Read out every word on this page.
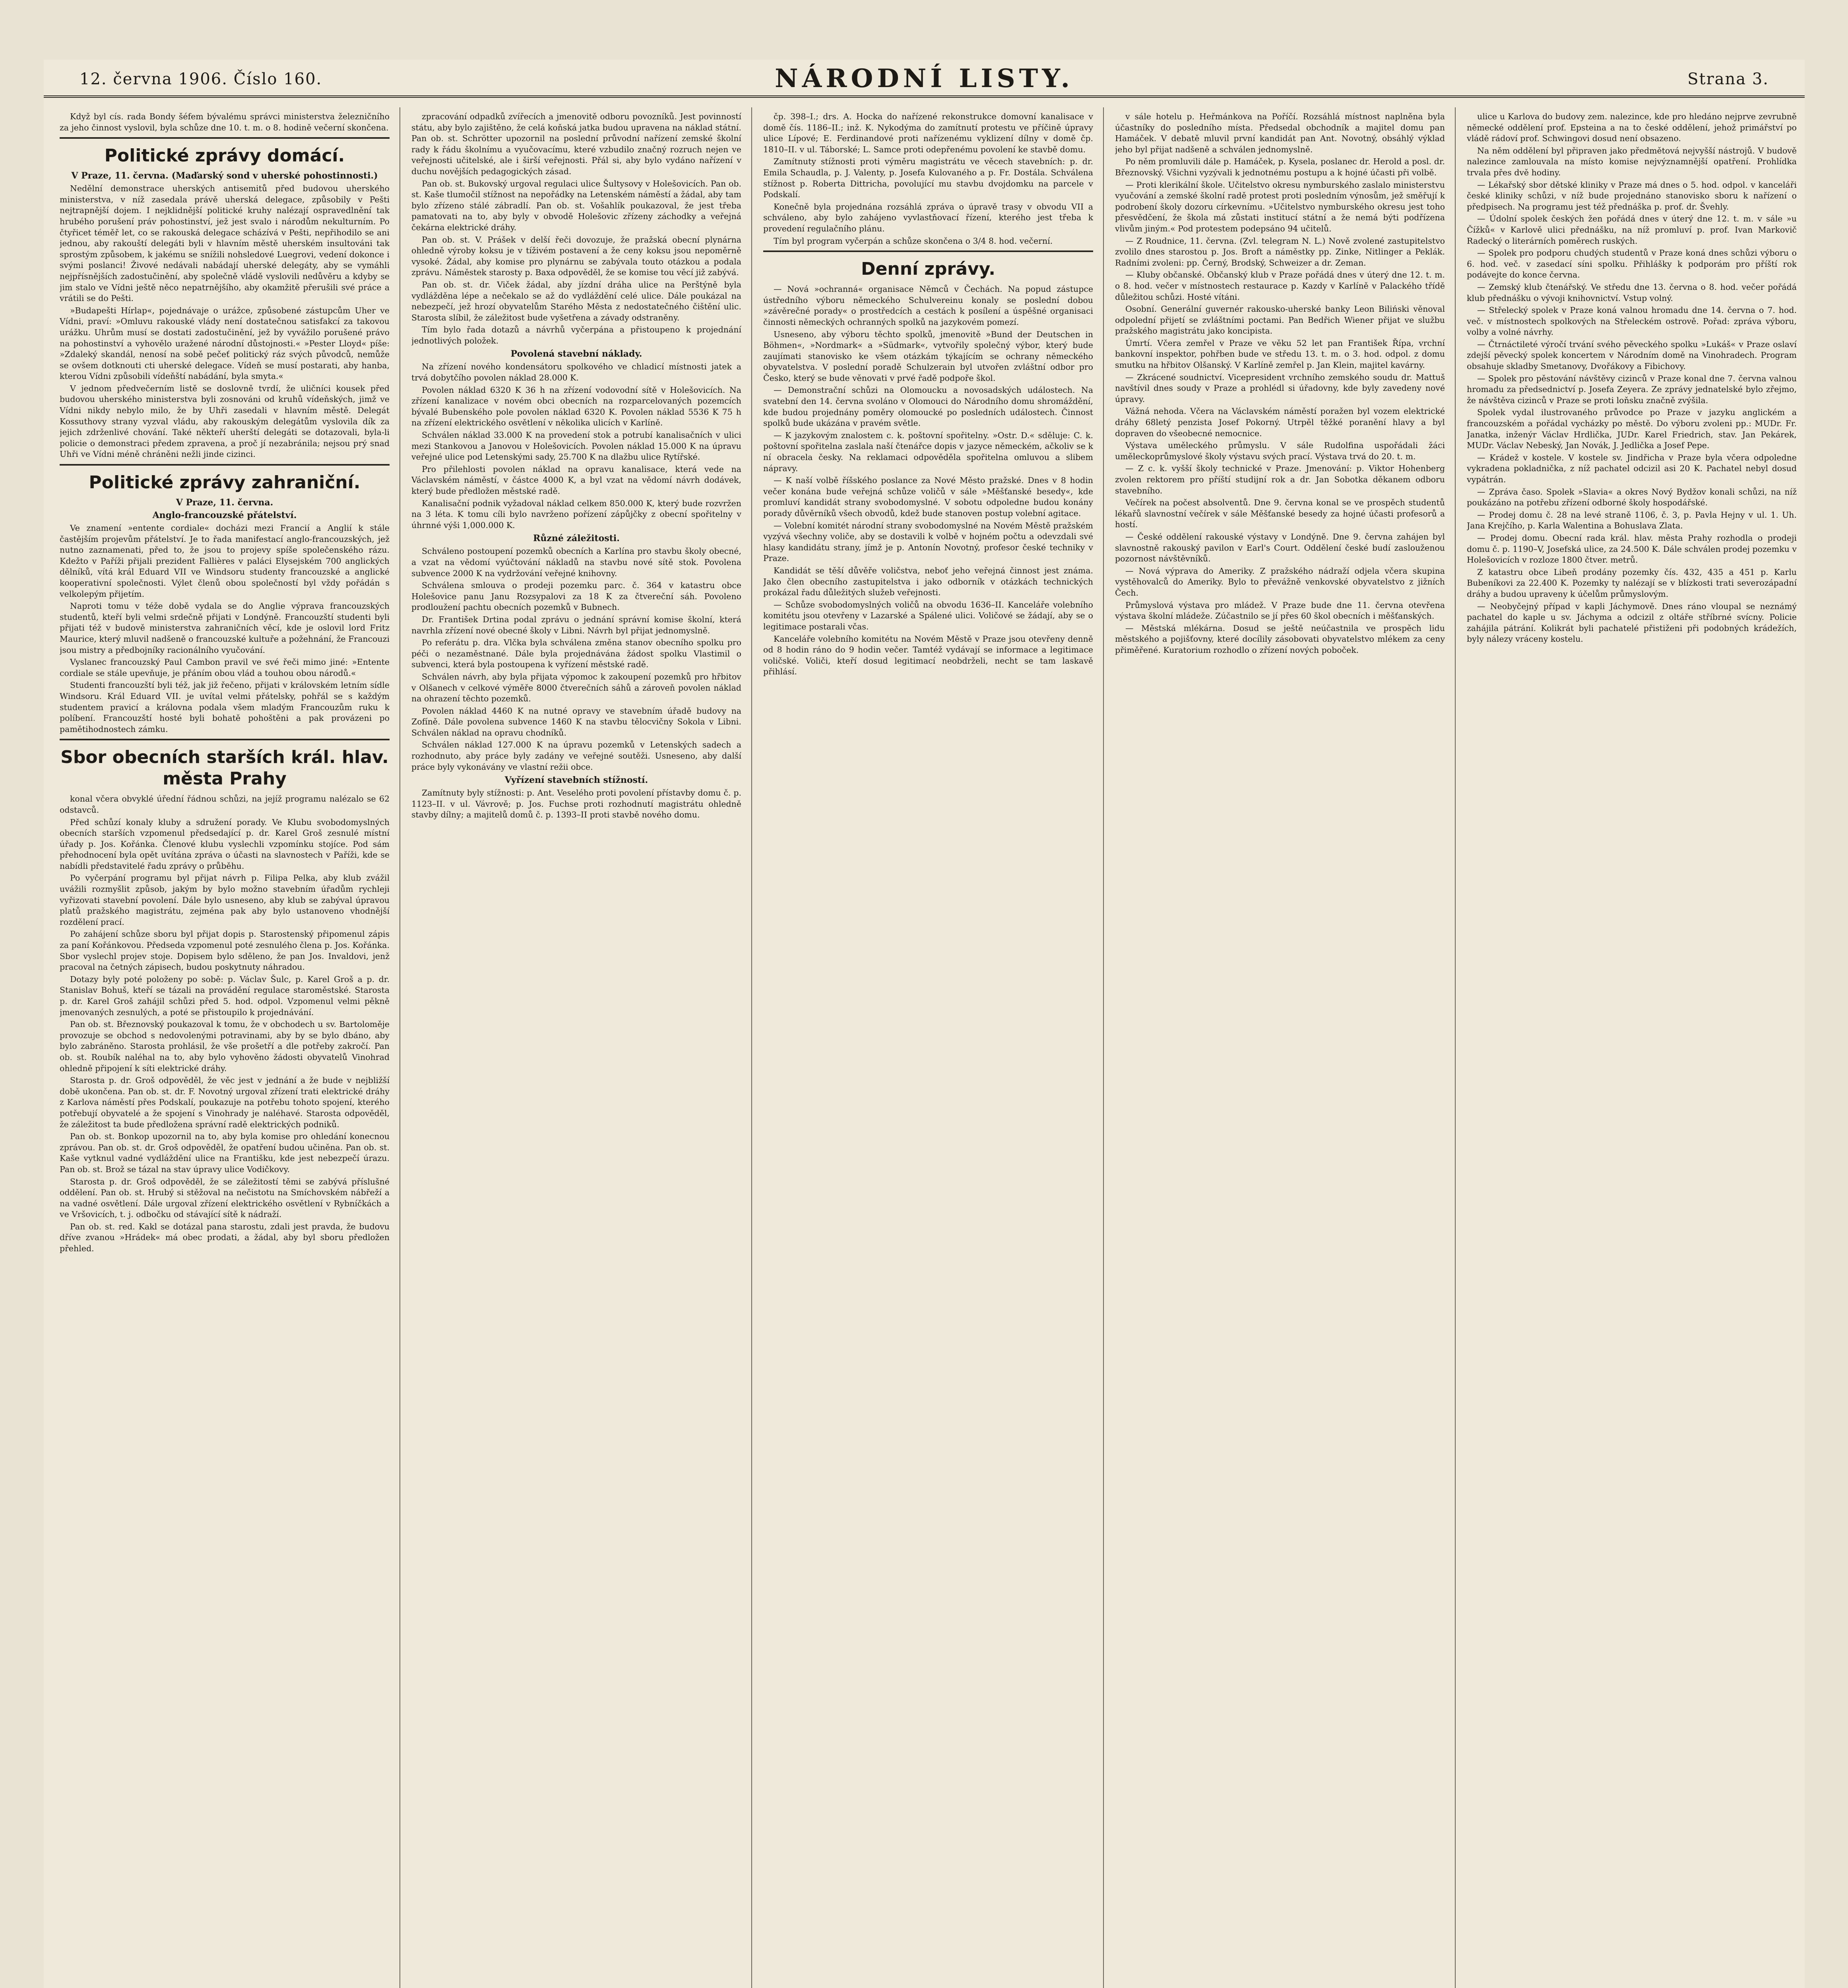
12. června 1906. Číslo 160.	NÁRODNÍ LISTY.	Strana 3.

Když byl cís. rada Bondy šéfem bývalému správci ministerstva železničního za jeho činnost vyslovil, byla schůze dne 10. t. m. o 8. hodině večerní skončena.

Politické zprávy domácí.
V Praze, 11. června. (Maďarský sond v uherské pohostinnosti.)

Nedělní demonstrace uherských antisemitů před budovou uherského ministerstva, v níž zasedala právě uherská delegace, způsobily v Pešti nejtrapnější dojem. I nejklidnější politické kruhy nalézají ospravedlnění tak hrubého porušení práv pohostinství, jež jest svalo i národům nekulturním. Po čtyřicet téměř let, co se rakouská delegace scházívá v Pešti, nepřihodilo se ani jednou, aby rakouští delegáti byli v hlavním městě uherském insultováni tak sprostým způsobem, k jakému se snížili nohsledové Luegrovi, vedení dokonce i svými poslanci! Živové nedávali nabádají uherské delegáty, aby se vymáhli nejpřísnějších zadostučinění, aby společně vládě vyslovili nedůvěru a kdyby se jim stalo ve Vídni ještě něco nepatrnějšího, aby okamžitě přerušili své práce a vrátili se do Pešti.

»Budapešti Hírlap«, pojednávaje o urážce, způsobené zástupcům Uher ve Vídni, praví: »Omluvu rakouské vlády není dostatečnou satisfakcí za takovou urážku. Uhrům musí se dostati zadostučinění, jež by vyvážilo porušené právo na pohostinství a vyhovělo uražené národní důstojnosti.« »Pester Lloyd« píše: »Zdaleký skandál, nenosí na sobě pečeť politický ráz svých původců, nemůže se ovšem dotknouti cti uherské delegace. Vídeň se musí postarati, aby hanba, kterou Vídni způsobili vídeňští nabádání, byla smyta.«

V jednom předvečerním listě se doslovně tvrdí, že uličníci kousek před budovou uherského ministerstva byli zosnováni od kruhů vídeňských, jimž ve Vídni nikdy nebylo milo, že by Uhři zasedali v hlavním městě. Delegát Kossuthovy strany vyzval vládu, aby rakouským delegátům vyslovila dík za jejich zdrženlivé chování. Také někteří uherští delegáti se dotazovali, byla-li policie o demonstraci předem zpravena, a proč jí nezabránila; nejsou prý snad Uhři ve Vídni méně chráněni nežli jinde cizinci.

Politické zprávy zahraniční.
V Praze, 11. června.
Anglo-francouzské přátelství.

Ve znamení »entente cordiale« docházi mezi Francií a Anglií k stále častějším projevům přátelství. Je to řada manifestací anglo-francouzských, jež nutno zaznamenati, před to, že jsou to projevy spíše společenského rázu. Kdežto v Paříži přijali prezident Fallières v paláci Elysejském 700 anglických dělníků, vítá král Eduard VII ve Windsoru studenty francouzské a anglické kooperativní společnosti. Výlet členů obou společností byl vždy pořádán s velkolepým přijetím.

Naproti tomu v téže době vydala se do Anglie výprava francouzských studentů, kteří byli velmi srdečně přijati v Londýně. Francouzští studenti byli přijati též v budově ministerstva zahraničních věcí, kde je oslovil lord Fritz Maurice, který mluvil nadšeně o francouzské kultuře a požehnání, že Francouzi jsou mistry a předbojníky racionálního vyučování.

Vyslanec francouzský Paul Cambon pravil ve své řeči mimo jiné: »Entente cordiale se stále upevňuje, je přáním obou vlád a touhou obou národů.«

Studenti francouzští byli též, jak již řečeno, přijati v královském letním sídle Windsoru. Král Eduard VII. je uvítal velmi přátelsky, pohřál se s každým studentem pravicí a královna podala všem mladým Francouzům ruku k políbení. Francouzští hosté byli bohatě pohoštěni a pak provázeni po pamětihodnostech zámku.

Sbor obecních starších král. hlav. města Prahy

konal včera obvyklé úřední řádnou schůzi, na jejíž programu nalézalo se 62 odstavců.

Před schůzí konaly kluby a sdružení porady. Ve Klubu svobodomyslných obecních starších vzpomenul předsedající p. dr. Karel Groš zesnulé místní úřady p. Jos. Kořánka. Členové klubu vyslechli vzpomínku stojíce. Pod sám přehodnocení byla opět uvítána zpráva o účasti na slavnostech v Paříži, kde se nabídli představitelé řadu zprávy o průběhu.

Po vyčerpání programu byl přijat návrh p. Filipa Pelka, aby klub zvážil uvážili rozmyšlit způsob, jakým by bylo možno stavebním úřadům rychleji vyřizovati stavební povolení. Dále bylo usneseno, aby klub se zabýval úpravou platů pražského magistrátu, zejména pak aby bylo ustanoveno vhodnější rozdělení prací.

Po zahájení schůze sboru byl přijat dopis p. Starostenský připomenul zápis za paní Kořánkovou. Předseda vzpomenul poté zesnulého člena p. Jos. Kořánka. Sbor vyslechl projev stoje. Dopisem bylo sděleno, že pan Jos. Invaldovi, jenž pracoval na četných zápisech, budou poskytnuty náhradou.

Dotazy byly poté položeny po sobě: p. Václav Šulc, p. Karel Groš a p. dr. Stanislav Bohuš, kteří se tázali na provádění regulace staroměstské. Starosta p. dr. Karel Groš zahájil schůzi před 5. hod. odpol. Vzpomenul velmi pěkně jmenovaných zesnulých, a poté se přistoupilo k projednávání.

Pan ob. st. Březnovský poukazoval k tomu, že v obchodech u sv. Bartoloměje provozuje se obchod s nedovolenými potravinami, aby by se bylo dbáno, aby bylo zabráněno. Starosta prohlásil, že vše prošetří a dle potřeby zakročí. Pan ob. st. Roubík naléhal na to, aby bylo vyhověno žádosti obyvatelů Vinohrad ohledně připojení k síti elektrické dráhy.

Starosta p. dr. Groš odpověděl, že věc jest v jednání a že bude v nejbližší době ukončena. Pan ob. st. dr. F. Novotný urgoval zřízení trati elektrické dráhy z Karlova náměstí přes Podskalí, poukazuje na potřebu tohoto spojení, kterého potřebují obyvatelé a že spojení s Vinohrady je naléhavé. Starosta odpověděl, že záležitost ta bude předložena správní radě elektrických podniků.

Pan ob. st. Bonkop upozornil na to, aby byla komise pro ohledání konecnou zprávou. Pan ob. st. dr. Groš odpověděl, že opatření budou učiněna. Pan ob. st. Kaše vytknul vadné vydláždění ulice na Františku, kde jest nebezpečí úrazu. Pan ob. st. Brož se tázal na stav úpravy ulice Vodičkovy.

Starosta p. dr. Groš odpověděl, že se záležitostí těmi se zabývá příslušné oddělení. Pan ob. st. Hrubý si stěžoval na nečistotu na Smíchovském nábřeží a na vadné osvětlení. Dále urgoval zřízení elektrického osvětlení v Rybníčkách a ve Vršovicích, t. j. odbočku od stávající sítě k nádraží.

Pan ob. st. red. Kakl se dotázal pana starostu, zdali jest pravda, že budovu dříve zvanou »Hrádek« má obec prodati, a žádal, aby byl sboru předložen přehled.

zpracování odpadků zvířecích a jmenovitě odboru povozníků. Jest povinností státu, aby bylo zajištěno, že celá koňská jatka budou upravena na náklad státní. Pan ob. st. Schrötter upozornil na poslední průvodní nařízení zemské školní rady k řádu školnímu a vyučovacímu, které vzbudilo značný rozruch nejen ve veřejnosti učitelské, ale i širší veřejnosti. Přál si, aby bylo vydáno nařízení v duchu novějších pedagogických zásad.

Pan ob. st. Bukovský urgoval regulaci ulice Šultysovy v Holešovicích. Pan ob. st. Kaše tlumočil stížnost na nepořádky na Letenském náměstí a žádal, aby tam bylo zřízeno stálé zábradlí. Pan ob. st. Vošahlík poukazoval, že jest třeba pamatovati na to, aby byly v obvodě Holešovic zřízeny záchodky a veřejná čekárna elektrické dráhy.

Pan ob. st. V. Prášek v delší řeči dovozuje, že pražská obecní plynárna ohledně výroby koksu je v tíživém postavení a že ceny koksu jsou nepoměrně vysoké. Žádal, aby komise pro plynárnu se zabývala touto otázkou a podala zprávu. Náměstek starosty p. Baxa odpověděl, že se komise tou věcí již zabývá.

Pan ob. st. dr. Viček žádal, aby jízdní dráha ulice na Perštýně byla vydlážděna lépe a nečekalo se až do vydláždění celé ulice. Dále poukázal na nebezpečí, jež hrozí obyvatelům Starého Města z nedostatečného čištění ulic. Starosta slíbil, že záležitost bude vyšetřena a závady odstraněny.

Tím bylo řada dotazů a návrhů vyčerpána a přistoupeno k projednání jednotlivých položek.

Povolená stavební náklady.

Na zřízení nového kondensátoru spolkového ve chladicí místnosti jatek a trvá dobytčího povolen náklad 28.000 K.

Povolen náklad 6320 K 36 h na zřízení vodovodní sítě v Holešovicích. Na zřízení kanalizace v novém obci obecních na rozparcelovaných pozemcích bývalé Bubenského pole povolen náklad 6320 K. Povolen náklad 5536 K 75 h na zřízení elektrického osvětlení v několika ulicích v Karlíně.

Schválen náklad 33.000 K na provedení stok a potrubí kanalisačních v ulici mezi Stankovou a Janovou v Holešovicích. Povolen náklad 15.000 K na úpravu veřejné ulice pod Letenskými sady, 25.700 K na dlažbu ulice Rytířské.

Pro přilehlosti povolen náklad na opravu kanalisace, která vede na Václavském náměstí, v částce 4000 K, a byl vzat na vědomí návrh dodávek, který bude předložen městské radě.

Kanalisační podnik vyžadoval náklad celkem 850.000 K, který bude rozvržen na 3 léta. K tomu cíli bylo navrženo pořízení zápůjčky z obecní spořitelny v úhrnné výši 1,000.000 K.

Různé záležitosti.

Schváleno postoupení pozemků obecních a Karlína pro stavbu školy obecné, a vzat na vědomí vyúčtování nákladů na stavbu nové sítě stok. Povolena subvence 2000 K na vydržování veřejné knihovny.

Schválena smlouva o prodeji pozemku parc. č. 364 v katastru obce Holešovice panu Janu Rozsypalovi za 18 K za čtvereční sáh. Povoleno prodloužení pachtu obecních pozemků v Bubnech.

Dr. František Drtina podal zprávu o jednání správní komise školní, která navrhla zřízení nové obecné školy v Libni. Návrh byl přijat jednomyslně.

Po referátu p. dra. Vlčka byla schválena změna stanov obecního spolku pro péči o nezaměstnané. Dále byla projednávána žádost spolku Vlastimil o subvenci, která byla postoupena k vyřízení městské radě.

Schválen návrh, aby byla přijata výpomoc k zakoupení pozemků pro hřbitov v Olšanech v celkové výměře 8000 čtverečních sáhů a zároveň povolen náklad na ohrazení těchto pozemků.

Povolen náklad 4460 K na nutné opravy ve stavebním úřadě budovy na Zofíně. Dále povolena subvence 1460 K na stavbu tělocvičny Sokola v Libni. Schválen náklad na opravu chodníků.

Schválen náklad 127.000 K na úpravu pozemků v Letenských sadech a rozhodnuto, aby práce byly zadány ve veřejné soutěži. Usneseno, aby další práce byly vykonávány ve vlastní režii obce.

Vyřízení stavebních stížností.

Zamítnuty byly stížnosti: p. Ant. Veselého proti povolení přístavby domu č. p. 1123–II. v ul. Vávrově; p. Jos. Fuchse proti rozhodnutí magistrátu ohledně stavby dílny; a majitelů domů č. p. 1393–II proti stavbě nového domu.

čp. 398–I.; drs. A. Hocka do nařízené rekonstrukce domovní kanalisace v domě čís. 1186–II.; inž. K. Nykodýma do zamítnutí protestu ve příčině úpravy ulice Lípové; E. Ferdinandové proti nařízenému vyklizení dílny v domě čp. 1810–II. v ul. Táborské; L. Samce proti odepřenému povolení ke stavbě domu.

Zamítnuty stížnosti proti výměru magistrátu ve věcech stavebních: p. dr. Emila Schaudla, p. J. Valenty, p. Josefa Kulovaného a p. Fr. Dostála. Schválena stížnost p. Roberta Dittricha, povolující mu stavbu dvojdomku na parcele v Podskalí.

Konečně byla projednána rozsáhlá zpráva o úpravě trasy v obvodu VII a schváleno, aby bylo zahájeno vyvlastňovací řízení, kterého jest třeba k provedení regulačního plánu.

Tím byl program vyčerpán a schůze skončena o 3/4 8. hod. večerní.

Denní zprávy.

— Nová »ochranná« organisace Němců v Čechách. Na popud zástupce ústředního výboru německého Schulvereinu konaly se poslední dobou »závěrečné porady« o prostředcích a cestách k posílení a úspěšné organisaci činnosti německých ochranných spolků na jazykovém pomezí.

Usneseno, aby výboru těchto spolků, jmenovitě »Bund der Deutschen in Böhmen«, »Nordmark« a »Südmark«, vytvořily společný výbor, který bude zaujímati stanovisko ke všem otázkám týkajícím se ochrany německého obyvatelstva. V poslední poradě Schulzerain byl utvořen zvláštní odbor pro Česko, který se bude věnovati v prvé řadě podpoře škol.

— Demonstrační schůzi na Olomoucku a novosadských událostech. Na svatební den 14. června svoláno v Olomouci do Národního domu shromáždění, kde budou projednány poměry olomoucké po posledních událostech. Činnost spolků bude ukázána v pravém světle.

— K jazykovým znalostem c. k. poštovní spořitelny. »Ostr. D.« sděluje: C. k. poštovní spořitelna zaslala naší čtenářce dopis v jazyce německém, ačkoliv se k ní obracela česky. Na reklamaci odpověděla spořitelna omluvou a slibem nápravy.

— K naší volbě říšského poslance za Nové Město pražské. Dnes v 8 hodin večer konána bude veřejná schůze voličů v sále »Měšťanské besedy«, kde promluví kandidát strany svobodomyslné. V sobotu odpoledne budou konány porady důvěrníků všech obvodů, kdež bude stanoven postup volební agitace.

— Volební komitét národní strany svobodomyslné na Novém Městě pražském vyzývá všechny voliče, aby se dostavili k volbě v hojném počtu a odevzdali své hlasy kandidátu strany, jímž je p. Antonín Novotný, profesor české techniky v Praze.

Kandidát se těší důvěře voličstva, neboť jeho veřejná činnost jest známa. Jako člen obecního zastupitelstva i jako odborník v otázkách technických prokázal řadu důležitých služeb veřejnosti.

— Schůze svobodomyslných voličů na obvodu 1636–II. Kanceláře volebního komitétu jsou otevřeny v Lazarské a Spálené ulici. Voličové se žádají, aby se o legitimace postarali včas.

Kanceláře volebního komitétu na Novém Městě v Praze jsou otevřeny denně od 8 hodin ráno do 9 hodin večer. Tamtéž vydávají se informace a legitimace voličské. Voliči, kteří dosud legitimací neobdrželi, necht se tam laskavě přihlásí.

v sále hotelu p. Heřmánkova na Poříčí. Rozsáhlá místnost naplněna byla účastníky do posledního místa. Předsedal obchodník a majitel domu pan Hamáček. V debatě mluvil první kandidát pan Ant. Novotný, obsáhlý výklad jeho byl přijat nadšeně a schválen jednomyslně.

Po něm promluvili dále p. Hamáček, p. Kysela, poslanec dr. Herold a posl. dr. Březnovský. Všichni vyzývali k jednotnému postupu a k hojné účasti při volbě.

— Proti klerikální škole. Učitelstvo okresu nymburského zaslalo ministerstvu vyučování a zemské školní radě protest proti posledním výnosům, jež směřují k podrobení školy dozoru církevnímu. »Učitelstvo nymburského okresu jest toho přesvědčení, že škola má zůstati institucí státní a že nemá býti podřízena vlivům jiným.« Pod protestem podepsáno 94 učitelů.

— Z Roudnice, 11. června. (Zvl. telegram N. L.) Nově zvolené zastupitelstvo zvolilo dnes starostou p. Jos. Broft a náměstky pp. Zinke, Nitlinger a Peklák. Radními zvoleni: pp. Černý, Brodský, Schweizer a dr. Zeman.

— Kluby občanské. Občanský klub v Praze pořádá dnes v úterý dne 12. t. m. o 8. hod. večer v místnostech restaurace p. Kazdy v Karlíně v Palackého třídě důležitou schůzi. Hosté vítáni.

Osobní. Generální guvernér rakousko-uherské banky Leon Biliński věnoval odpolední přijetí se zvláštními poctami. Pan Bedřich Wiener přijat ve službu pražského magistrátu jako koncipista.

Úmrtí. Včera zemřel v Praze ve věku 52 let pan František Řípa, vrchní bankovní inspektor, pohřben bude ve středu 13. t. m. o 3. hod. odpol. z domu smutku na hřbitov Olšanský. V Karlíně zemřel p. Jan Klein, majitel kavárny.

— Zkrácené soudnictví. Vicepresident vrchního zemského soudu dr. Mattuš navštívil dnes soudy v Praze a prohlédl si úřadovny, kde byly zavedeny nové úpravy.

Vážná nehoda. Včera na Václavském náměstí poražen byl vozem elektrické dráhy 68letý penzista Josef Pokorný. Utrpěl těžké poranění hlavy a byl dopraven do všeobecné nemocnice.

Výstava uměleckého průmyslu. V sále Rudolfina uspořádali žáci uměleckoprůmyslové školy výstavu svých prací. Výstava trvá do 20. t. m.

— Z c. k. vyšší školy technické v Praze. Jmenování: p. Viktor Hohenberg zvolen rektorem pro příští studijní rok a dr. Jan Sobotka děkanem odboru stavebního.

Večírek na počest absolventů. Dne 9. června konal se ve prospěch studentů lékařů slavnostní večírek v sále Měšťanské besedy za hojné účasti profesorů a hostí.

— České oddělení rakouské výstavy v Londýně. Dne 9. června zahájen byl slavnostně rakouský pavilon v Earl's Court. Oddělení české budí zaslouženou pozornost návštěvníků.

— Nová výprava do Ameriky. Z pražského nádraží odjela včera skupina vystěhovalců do Ameriky. Bylo to převážně venkovské obyvatelstvo z jižních Čech.

Průmyslová výstava pro mládež. V Praze bude dne 11. června otevřena výstava školní mládeže. Zúčastnilo se jí přes 60 škol obecních i měšťanských.

— Městská mlékárna. Dosud se ještě neúčastnila ve prospěch lidu městského a pojišťovny, které docílily zásobovati obyvatelstvo mlékem za ceny přiměřené. Kuratorium rozhodlo o zřízení nových poboček.

ulice u Karlova do budovy zem. nalezince, kde pro hledáno nejprve zevrubně německé oddělení prof. Epsteina a na to české oddělení, jehož primářství po vládě rádoví prof. Schwingovi dosud není obsazeno.

Na něm oddělení byl připraven jako předmětová nejvyšší nástrojů. V budově nalezince zamlouvala na místo komise nejvýznamnější opatření. Prohlídka trvala přes dvě hodiny.

— Lékařský sbor dětské kliniky v Praze má dnes o 5. hod. odpol. v kanceláři české kliniky schůzi, v níž bude projednáno stanovisko sboru k nařízení o předpisech. Na programu jest též přednáška p. prof. dr. Švehly.

— Údolní spolek českých žen pořádá dnes v úterý dne 12. t. m. v sále »u Čížků« v Karlově ulici přednášku, na níž promluví p. prof. Ivan Markovič Radecký o literárních poměrech ruských.

— Spolek pro podporu chudých studentů v Praze koná dnes schůzi výboru o 6. hod. več. v zasedací síni spolku. Přihlášky k podporám pro příští rok podávejte do konce června.

— Zemský klub čtenářský. Ve středu dne 13. června o 8. hod. večer pořádá klub přednášku o vývoji knihovnictví. Vstup volný.

— Střelecký spolek v Praze koná valnou hromadu dne 14. června o 7. hod. več. v místnostech spolkových na Střeleckém ostrově. Pořad: zpráva výboru, volby a volné návrhy.

— Čtrnáctileté výročí trvání svého pěveckého spolku »Lukáš« v Praze oslaví zdejší pěvecký spolek koncertem v Národním domě na Vinohradech. Program obsahuje skladby Smetanovy, Dvořákovy a Fibichovy.

— Spolek pro pěstování návštěvy cizinců v Praze konal dne 7. června valnou hromadu za předsednictví p. Josefa Zeyera. Ze zprávy jednatelské bylo zřejmo, že návštěva cizinců v Praze se proti loňsku značně zvýšila.

Spolek vydal ilustrovaného průvodce po Praze v jazyku anglickém a francouzském a pořádal vycházky po městě. Do výboru zvoleni pp.: MUDr. Fr. Janatka, inženýr Václav Hrdlička, JUDr. Karel Friedrich, stav. Jan Pekárek, MUDr. Václav Nebeský, Jan Novák, J. Jedlička a Josef Pepe.

— Krádež v kostele. V kostele sv. Jindřicha v Praze byla včera odpoledne vykradena pokladnička, z níž pachatel odcizil asi 20 K. Pachatel nebyl dosud vypátrán.

— Zpráva časo. Spolek »Slavia« a okres Nový Bydžov konali schůzi, na níž poukázáno na potřebu zřízení odborné školy hospodářské.

— Prodej domu č. 28 na levé straně 1106, č. 3, p. Pavla Hejny v ul. 1. Uh. Jana Krejčího, p. Karla Walentina a Bohuslava Zlata.

— Prodej domu. Obecní rada král. hlav. města Prahy rozhodla o prodeji domu č. p. 1190–V, Josefská ulice, za 24.500 K. Dále schválen prodej pozemku v Holešovicích v rozloze 1800 čtver. metrů.

Z katastru obce Libeň prodány pozemky čís. 432, 435 a 451 p. Karlu Bubeníkovi za 22.400 K. Pozemky ty nalézají se v blízkosti trati severozápadní dráhy a budou upraveny k účelům průmyslovým.

— Neobyčejný případ v kapli Jáchymově. Dnes ráno vloupal se neznámý pachatel do kaple u sv. Jáchyma a odcizil z oltáře stříbrné svícny. Policie zahájila pátrání. Kolikrát byli pachatelé přistiženi při podobných krádežích, byly nálezy vráceny kostelu.
